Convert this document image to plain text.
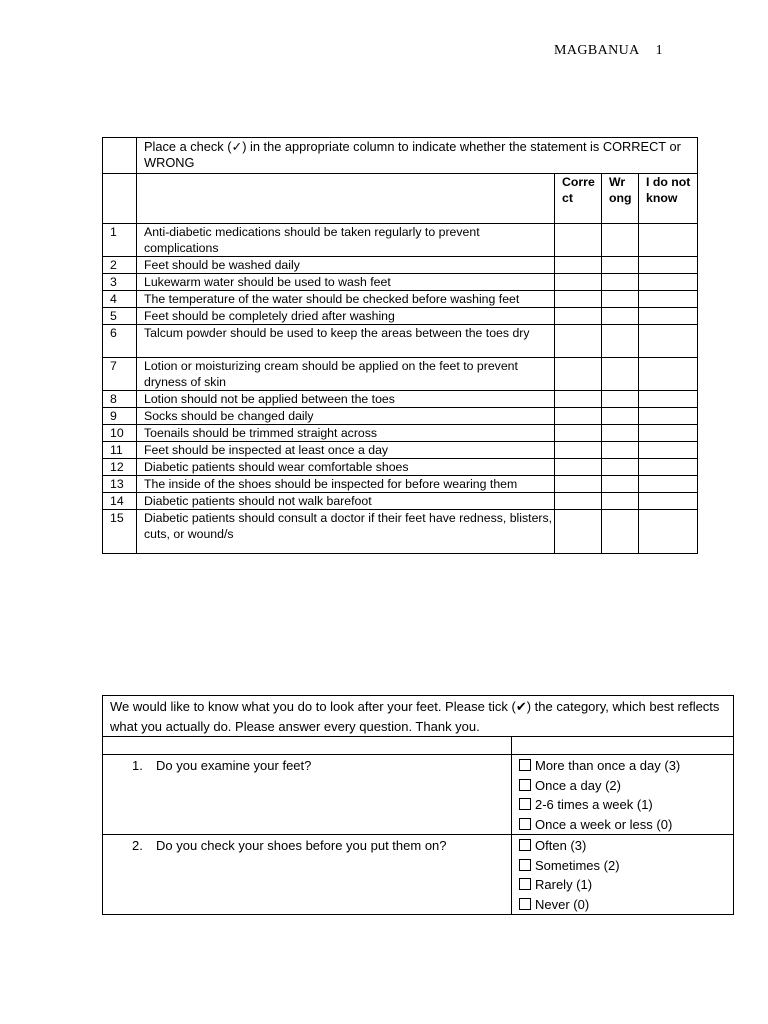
MAGBANUA 1
	Place a check (✓) in the appropriate column to indicate whether the statement is CORRECT or WRONG			
		Corre ct	Wr ong	I do not know
1	Anti-diabetic medications should be taken regularly to prevent complications			
2	Feet should be washed daily			
3	Lukewarm water should be used to wash feet			
4	The temperature of the water should be checked before washing feet			
5	Feet should be completely dried after washing			
6	Talcum powder should be used to keep the areas between the toes dry			
7	Lotion or moisturizing cream should be applied on the feet to prevent dryness of skin			
8	Lotion should not be applied between the toes			
9	Socks should be changed daily			
10	Toenails should be trimmed straight across			
11	Feet should be inspected at least once a day			
12	Diabetic patients should wear comfortable shoes			
13	The inside of the shoes should be inspected for before wearing them			
14	Diabetic patients should not walk barefoot			
15	Diabetic patients should consult a doctor if their feet have redness, blisters, cuts, or wound/s			
We would like to know what you do to look after your feet. Please tick (✔) the category, which best reflects what you actually do. Please answer every question. Thank you.	

1. Do you examine your feet?	More than once a day (3)
Once a day (2)
2-6 times a week (1)
Once a week or less (0)

2. Do you check your shoes before you put them on?	Often (3)
Sometimes (2)
Rarely (1)
Never (0)
